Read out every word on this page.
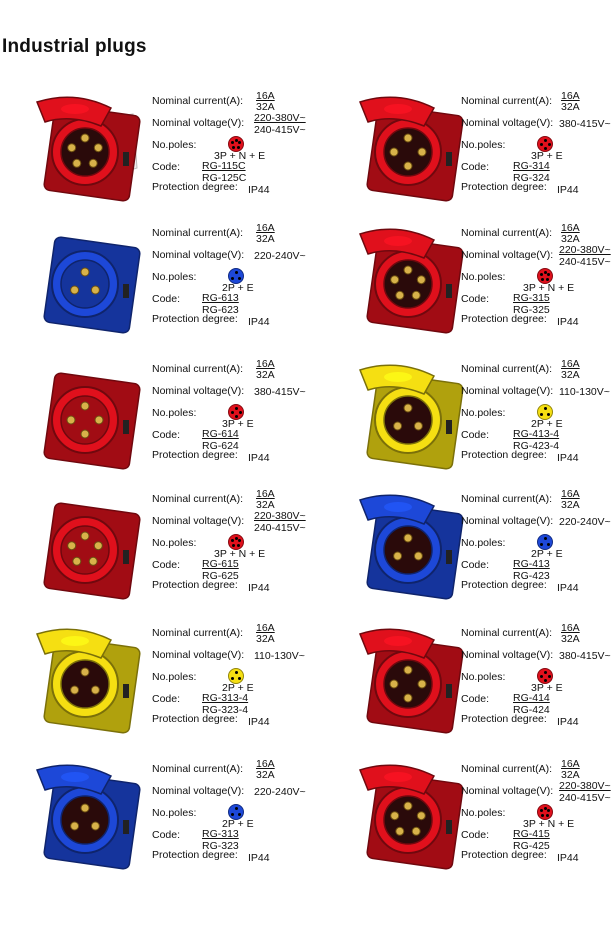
Industrial plugs
Nominal current(A):
Nominal voltage(V):
No.poles:
Code:
Protection degree:
16A
32A
220-380V~
240-415V~
3P + N + E
RG-115C
RG-125C
IP44
Nominal current(A):
Nominal voltage(V):
No.poles:
Code:
Protection degree:
16A
32A
380-415V~
3P + E
RG-314
RG-324
IP44
Nominal current(A):
Nominal voltage(V):
No.poles:
Code:
Protection degree:
16A
32A
220-240V~
2P + E
RG-613
RG-623
IP44
Nominal current(A):
Nominal voltage(V):
No.poles:
Code:
Protection degree:
16A
32A
220-380V~
240-415V~
3P + N + E
RG-315
RG-325
IP44
Nominal current(A):
Nominal voltage(V):
No.poles:
Code:
Protection degree:
16A
32A
380-415V~
3P + E
RG-614
RG-624
IP44
Nominal current(A):
Nominal voltage(V):
No.poles:
Code:
Protection degree:
16A
32A
110-130V~
2P + E
RG-413-4
RG-423-4
IP44
Nominal current(A):
Nominal voltage(V):
No.poles:
Code:
Protection degree:
16A
32A
220-380V~
240-415V~
3P + N + E
RG-615
RG-625
IP44
Nominal current(A):
Nominal voltage(V):
No.poles:
Code:
Protection degree:
16A
32A
220-240V~
2P + E
RG-413
RG-423
IP44
Nominal current(A):
Nominal voltage(V):
No.poles:
Code:
Protection degree:
16A
32A
110-130V~
2P + E
RG-313-4
RG-323-4
IP44
Nominal current(A):
Nominal voltage(V):
No.poles:
Code:
Protection degree:
16A
32A
380-415V~
3P + E
RG-414
RG-424
IP44
Nominal current(A):
Nominal voltage(V):
No.poles:
Code:
Protection degree:
16A
32A
220-240V~
2P + E
RG-313
RG-323
IP44
Nominal current(A):
Nominal voltage(V):
No.poles:
Code:
Protection degree:
16A
32A
220-380V~
240-415V~
3P + N + E
RG-415
RG-425
IP44
